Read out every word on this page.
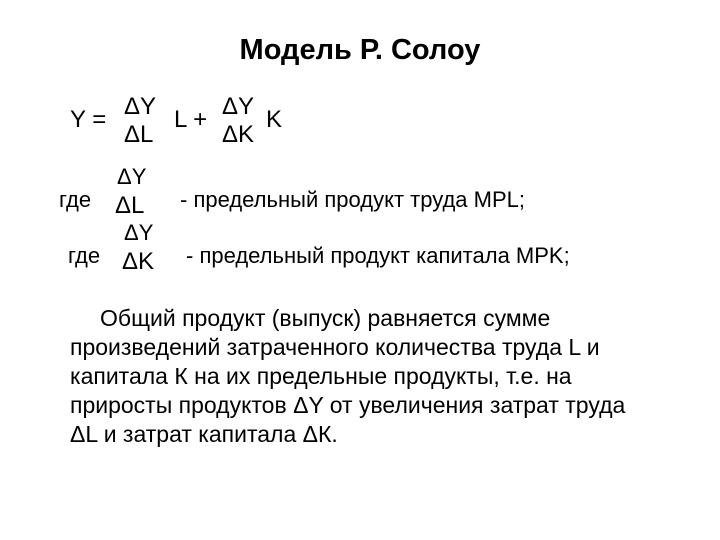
Модель Р. Солоу
Y = ΔY
ΔL
L + ΔY
ΔK
K
где
ΔY
ΔL - предельный продукт труда MPL;
где
ΔY
ΔK - предельный продукт капитала MPK;

Общий продукт (выпуск) равняется сумме

произведений затраченного количества труда L и

капитала К на их предельные продукты, т.е. на

приросты продуктов ΔY от увеличения затрат труда

ΔL и затрат капитала ΔК.
